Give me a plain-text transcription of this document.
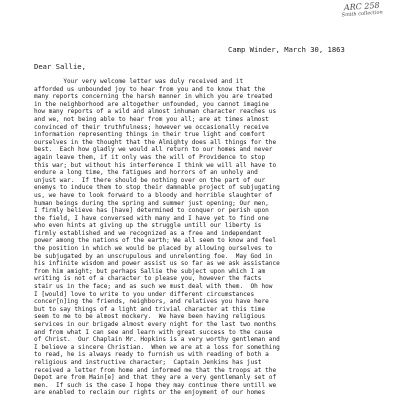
ARC 258
Smith collection
Camp Winder, March 30, 1863
Dear Sallie,
Your very welcome letter was duly received and it
afforded us unbounded joy to hear from you and to know that the
many reports concerning the harsh manner in which you are treated
in the neighborhood are altogether unfounded, you cannot imagine
how many reports of a wild and almost inhuman character reaches us
and we, not being able to hear from you all; are at times almost
convinced of their truthfulness; however we occasionally receive
information representing things in their true light and comfort
ourselves in the thought that the Almighty does all things for the
best.  Each how gladly we would all return to our homes and never
again leave them, if it only was the will of Providence to stop
this war; but without his interference I think we will all have to
endure a long time, the fatigues and horrors of an unholy and
unjust war.  If there should be nothing over on the part of our
enemys to induce them to stop their damnable project of subjugating
us, we have to look forward to a bloody and horrible slaughter of
human beings during the spring and summer just opening; Our men,
I firmly believe has [have] determined to conquer or perish upon
the field, I have conversed with many and I have yet to find one
who even hints at giving up the struggle untill our liberty is
firmly established and we recognized as a free and independant
power among the nations of the earth; We all seem to know and feel
the position in which we would be placed by allowing ourselves to
be subjugated by an unscrupulous and unrelenting foe.  May God in
his infinite wisdom and power assist us so far as we ask assistance
from him amight; but perhaps Sallie the subject upon which I am
writing is not of a character to please you, however the facts
stair us in the face; and as such we must deal with them.  Oh how
I [would] love to write to you under different circumstances
concer[n]ing the friends, neighbors, and relatives you have here
but to say things of a light and trivial character at this time
seem to me to be almost mockery.  We have been having religious
services in our brigade almost every night for the last two months
and from what I can see and learn with great success to the cause
of Christ.  Our Chaplain Mr. Hopkins is a very worthy gentleman and
I believe a sincere Christian.  When we are at a loss for something
to read, he is always ready to furnish us with reading of both a
religious and instructive character;  Captain Jenkins has just
received a letter from home and informed me that the troops at the
Depot are from Main[e] and that they are a very gentlemanly set of
men.  If such is the case I hope they may continue there untill we
are enabled to reclaim our rights or the enjoyment of our homes
